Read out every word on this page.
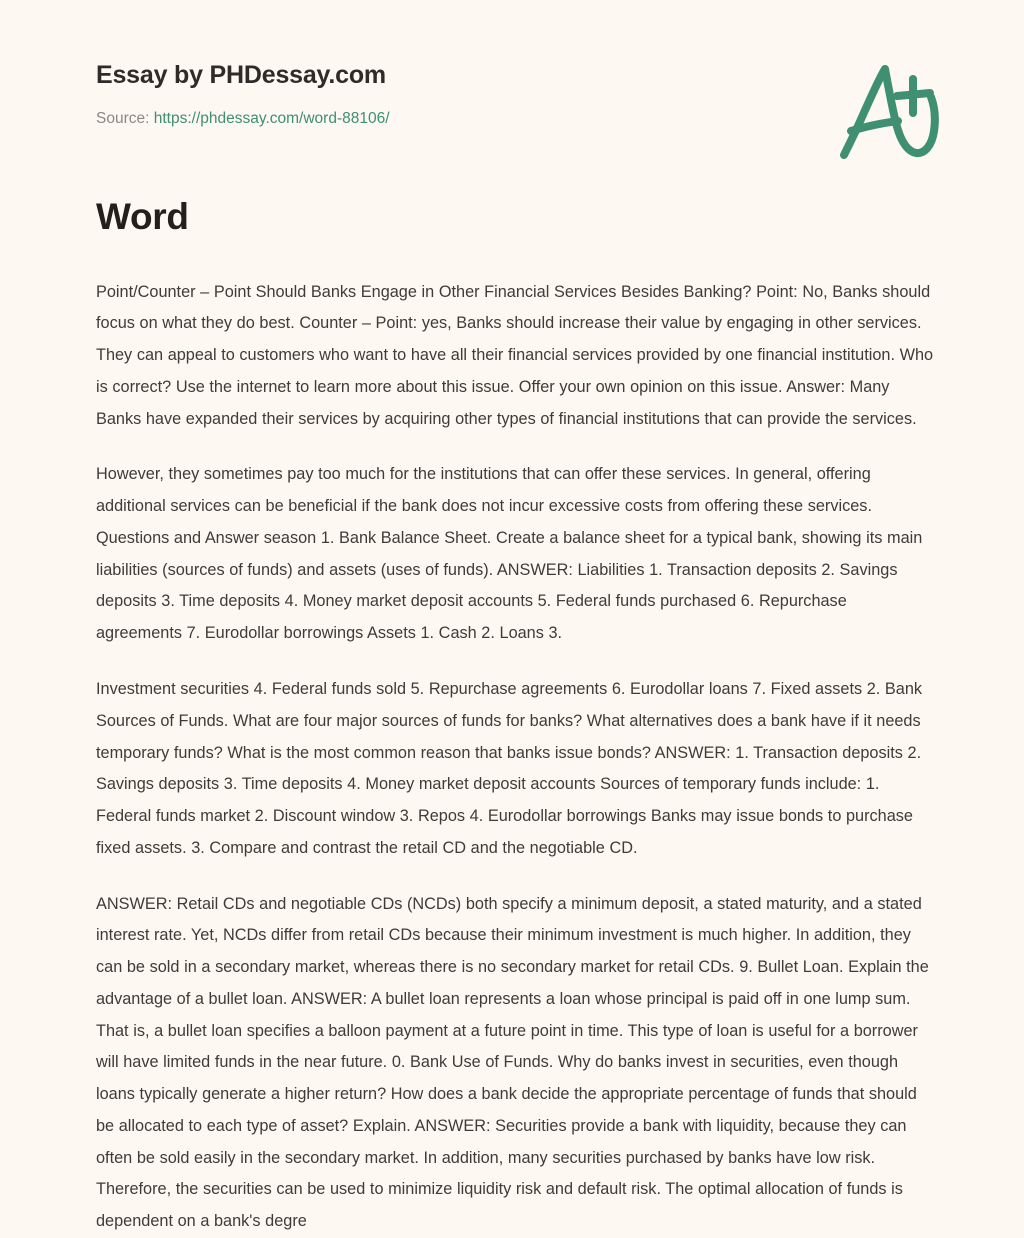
Essay by PHDessay.com
Source: https://phdessay.com/word-88106/
Word

Point/Counter – Point Should Banks Engage in Other Financial Services Besides Banking? Point: No, Banks should focus on what they do best. Counter – Point: yes, Banks should increase their value by engaging in other services. They can appeal to customers who want to have all their financial services provided by one financial institution. Who is correct? Use the internet to learn more about this issue. Offer your own opinion on this issue. Answer: Many Banks have expanded their services by acquiring other types of financial institutions that can provide the services.

However, they sometimes pay too much for the institutions that can offer these services. In general, offering additional services can be beneficial if the bank does not incur excessive costs from offering these services. Questions and Answer season 1. Bank Balance Sheet. Create a balance sheet for a typical bank, showing its main liabilities (sources of funds) and assets (uses of funds). ANSWER: Liabilities 1. Transaction deposits 2. Savings deposits 3. Time deposits 4. Money market deposit accounts 5. Federal funds purchased 6. Repurchase agreements 7. Eurodollar borrowings Assets 1. Cash 2. Loans 3.

Investment securities 4. Federal funds sold 5. Repurchase agreements 6. Eurodollar loans 7. Fixed assets 2. Bank Sources of Funds. What are four major sources of funds for banks? What alternatives does a bank have if it needs temporary funds? What is the most common reason that banks issue bonds? ANSWER: 1. Transaction deposits 2. Savings deposits 3. Time deposits 4. Money market deposit accounts Sources of temporary funds include: 1. Federal funds market 2. Discount window 3. Repos 4. Eurodollar borrowings Banks may issue bonds to purchase fixed assets. 3. Compare and contrast the retail CD and the negotiable CD.

ANSWER: Retail CDs and negotiable CDs (NCDs) both specify a minimum deposit, a stated maturity, and a stated interest rate. Yet, NCDs differ from retail CDs because their minimum investment is much higher. In addition, they can be sold in a secondary market, whereas there is no secondary market for retail CDs. 9. Bullet Loan. Explain the advantage of a bullet loan. ANSWER: A bullet loan represents a loan whose principal is paid off in one lump sum. That is, a bullet loan specifies a balloon payment at a future point in time. This type of loan is useful for a borrower will have limited funds in the near future. 0. Bank Use of Funds. Why do banks invest in securities, even though loans typically generate a higher return? How does a bank decide the appropriate percentage of funds that should be allocated to each type of asset? Explain. ANSWER: Securities provide a bank with liquidity, because they can often be sold easily in the secondary market. In addition, many securities purchased by banks have low risk. Therefore, the securities can be used to minimize liquidity risk and default risk. The optimal allocation of funds is dependent on a bank's degre
